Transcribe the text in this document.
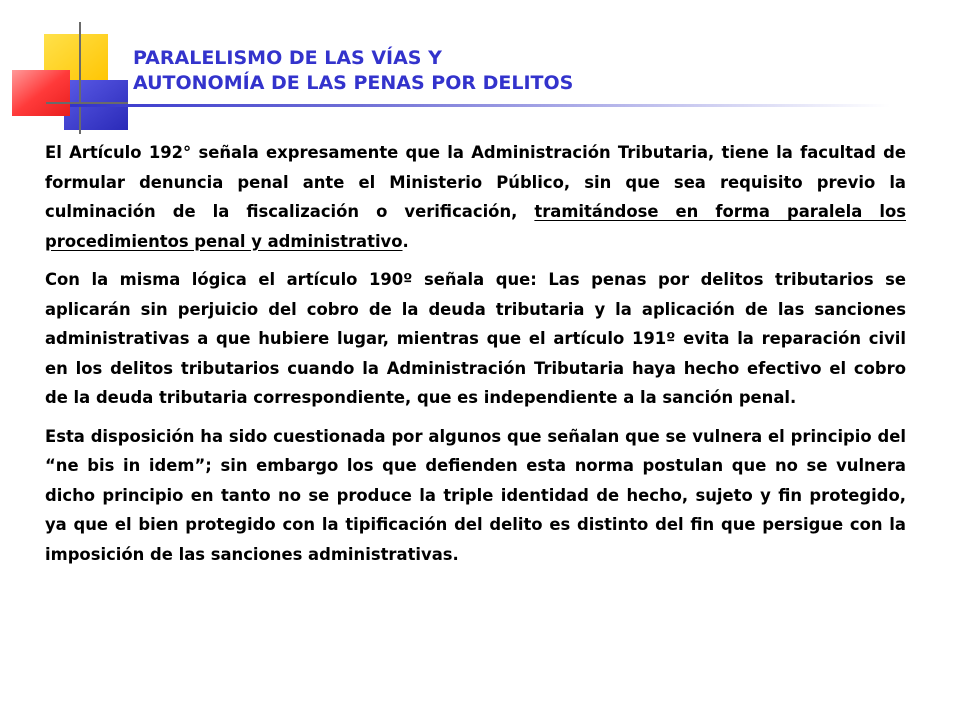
PARALELISMO DE LAS VÍAS Y

AUTONOMÍA DE LAS PENAS POR DELITOS

El Artículo 192° señala expresamente que la Administración Tributaria, tiene la facultad de formular denuncia penal ante el Ministerio Público, sin que sea requisito previo la culminación de la fiscalización o verificación, tramitándose en forma paralela los procedimientos penal y administrativo.

Con la misma lógica el artículo 190º señala que: Las penas por delitos tributarios se aplicarán sin perjuicio del cobro de la deuda tributaria y la aplicación de las sanciones administrativas a que hubiere lugar, mientras que el artículo 191º evita la reparación civil en los delitos tributarios cuando la Administración Tributaria haya hecho efectivo el cobro de la deuda tributaria correspondiente, que es independiente a la sanción penal.

Esta disposición ha sido cuestionada por algunos que señalan que se vulnera el principio del “ne bis in idem”; sin embargo los que defienden esta norma postulan que no se vulnera dicho principio en tanto no se produce la triple identidad de hecho, sujeto y fin protegido, ya que el bien protegido con la tipificación del delito es distinto del fin que persigue con la imposición de las sanciones administrativas.
